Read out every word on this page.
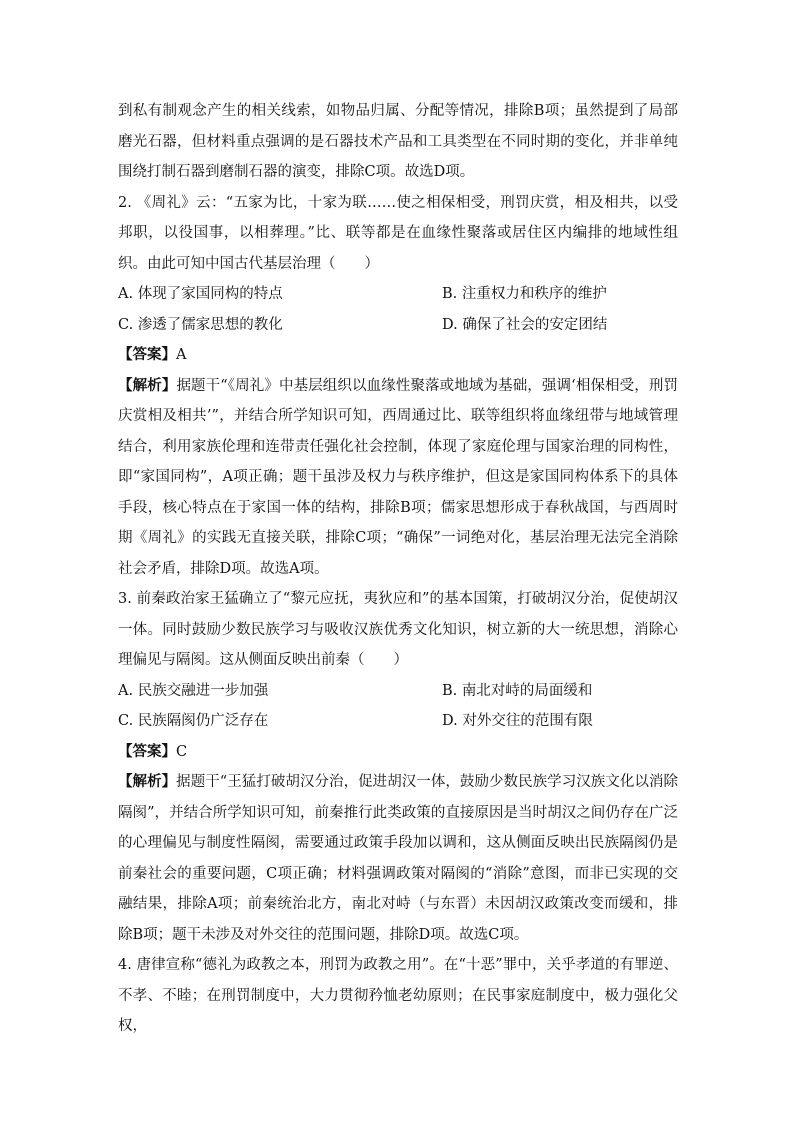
到私有制观念产生的相关线索，如物品归属、分配等情况，排除B项；虽然提到了局部磨光石器，但材料重点强调的是石器技术产品和工具类型在不同时期的变化，并非单纯围绕打制石器到磨制石器的演变，排除C项。故选D项。

2. 《周礼》云：“五家为比，十家为联……使之相保相受，刑罚庆赏，相及相共，以受邦职，以役国事，以相葬理。”比、联等都是在血缘性聚落或居住区内编排的地域性组织。由此可知中国古代基层治理（　　）

A. 体现了家国同构的特点	B. 注重权力和秩序的维护

C. 渗透了儒家思想的教化	D. 确保了社会的安定团结

【答案】A

【解析】据题干“《周礼》中基层组织以血缘性聚落或地域为基础，强调‘相保相受，刑罚庆赏相及相共’”，并结合所学知识可知，西周通过比、联等组织将血缘纽带与地域管理结合，利用家族伦理和连带责任强化社会控制，体现了家庭伦理与国家治理的同构性，即“家国同构”，A项正确；题干虽涉及权力与秩序维护，但这是家国同构体系下的具体手段，核心特点在于家国一体的结构，排除B项；儒家思想形成于春秋战国，与西周时期《周礼》的实践无直接关联，排除C项；“确保”一词绝对化，基层治理无法完全消除社会矛盾，排除D项。故选A项。

3. 前秦政治家王猛确立了“黎元应抚，夷狄应和”的基本国策，打破胡汉分治，促使胡汉一体。同时鼓励少数民族学习与吸收汉族优秀文化知识，树立新的大一统思想，消除心理偏见与隔阂。这从侧面反映出前秦（　　）

A. 民族交融进一步加强	B. 南北对峙的局面缓和

C. 民族隔阂仍广泛存在	D. 对外交往的范围有限

【答案】C

【解析】据题干“王猛打破胡汉分治，促进胡汉一体，鼓励少数民族学习汉族文化以消除隔阂”，并结合所学知识可知，前秦推行此类政策的直接原因是当时胡汉之间仍存在广泛的心理偏见与制度性隔阂，需要通过政策手段加以调和，这从侧面反映出民族隔阂仍是前秦社会的重要问题，C项正确；材料强调政策对隔阂的“消除”意图，而非已实现的交融结果，排除A项；前秦统治北方，南北对峙（与东晋）未因胡汉政策改变而缓和，排除B项；题干未涉及对外交往的范围问题，排除D项。故选C项。

4. 唐律宣称“德礼为政教之本，刑罚为政教之用”。在“十恶”罪中，关乎孝道的有罪逆、不孝、不睦；在刑罚制度中，大力贯彻矜恤老幼原则；在民事家庭制度中，极力强化父权，
